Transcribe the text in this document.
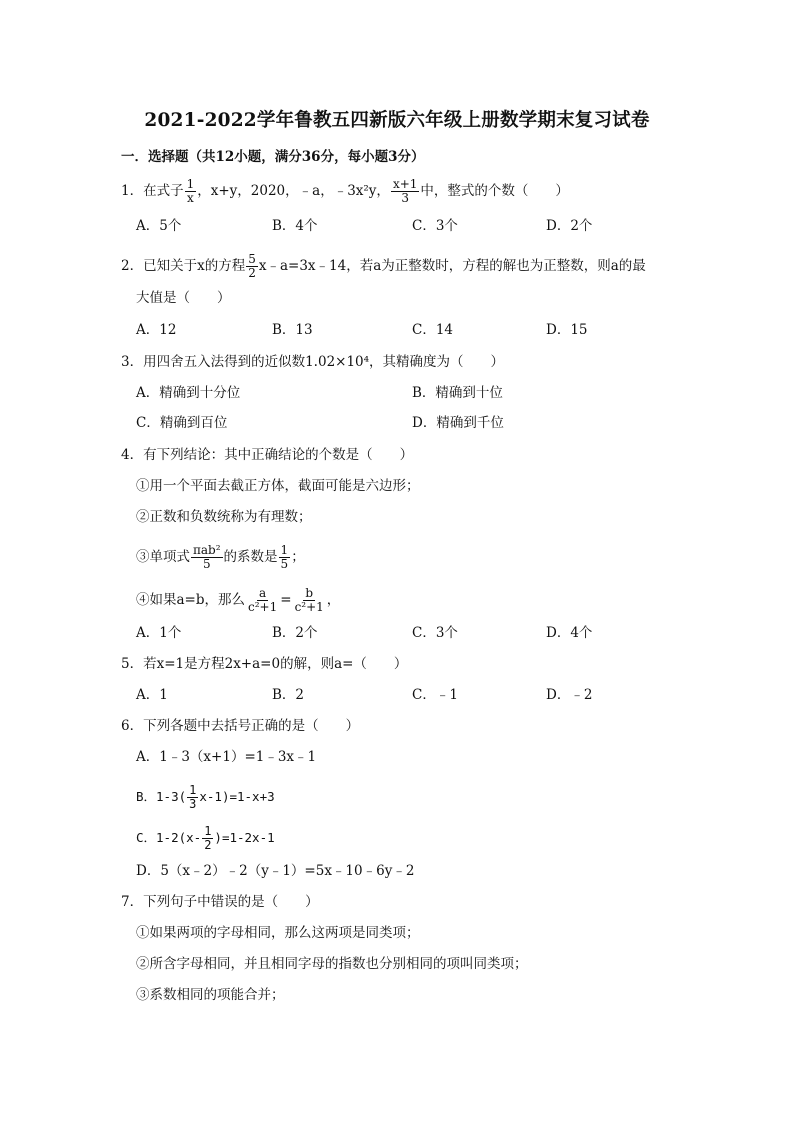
2021-2022学年鲁教五四新版六年级上册数学期末复习试卷
一．选择题（共12小题，满分36分，每小题3分）
1．在式子 $\frac{1}{x}$ ，x+y，2020，﹣a，﹣3x²y， $\frac{x+1}{3}$ 中，整式的个数（　　）
A．5个	B．4个	C．3个	D．2个
2．已知关于x的方程 $\frac{5}{2}$ x﹣a=3x﹣14，若a为正整数时，方程的解也为正整数，则a的最
大值是（　　）
A．12	B．13	C．14	D．15
3．用四舍五入法得到的近似数1.02×10⁴，其精确度为（　　）
A．精确到十分位	B．精确到十位
C．精确到百位	D．精确到千位
4．有下列结论：其中正确结论的个数是（　　）
①用一个平面去截正方体，截面可能是六边形；
②正数和负数统称为有理数；
③单项式 $\frac{\text{πab²}}{5}$ 的系数是 $\frac{1}{5}$ ；
④如果a=b，那么 $\frac{a}{\text{c²+1}} = \frac{b}{\text{c²+1}}$ ，
A．1个	B．2个	C．3个	D．4个
5．若x=1是方程2x+a=0的解，则a=（　　）
A．1	B．2	C．﹣1	D．﹣2
6．下列各题中去括号正确的是（　　）
A．1﹣3（x+1）=1﹣3x﹣1
B．$1-3( \frac{1}{3} x-1)=1-x+3$
C．$1-2(x- \frac{1}{2} )=1-2x-1$
D．5（x﹣2）﹣2（y﹣1）=5x﹣10﹣6y﹣2
7．下列句子中错误的是（　　）
①如果两项的字母相同，那么这两项是同类项；
②所含字母相同，并且相同字母的指数也分别相同的项叫同类项；
③系数相同的项能合并；
